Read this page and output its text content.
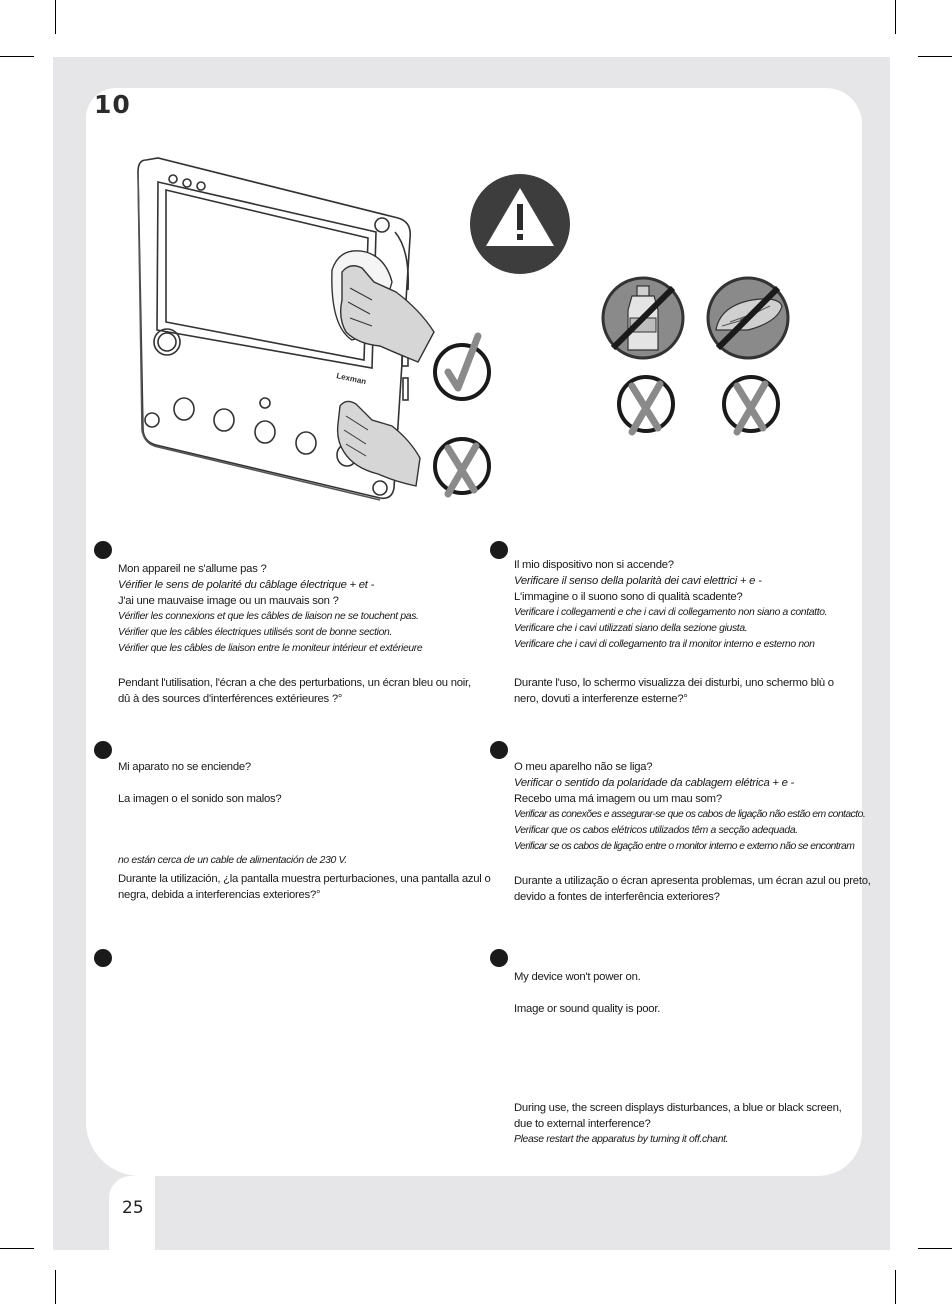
10
25
Lexman

Mon appareil ne s'allume pas ?

Vérifier le sens de polarité du câblage électrique + et -

J'ai une mauvaise image ou un mauvais son ?

Vérifier les connexions et que les câbles de liaison ne se touchent pas.

Vérifier que les câbles électriques utilisés sont de bonne section.

Vérifier que les câbles de liaison entre le moniteur intérieur et extérieure

Pendant l'utilisation, l'écran a che des perturbations, un écran bleu ou noir,

dû à des sources d'interférences extérieures ?°

Il mio dispositivo non si accende?

Verificare il senso della polarità dei cavi elettrici + e -

L'immagine o il suono sono di qualità scadente?

Verificare i collegamenti e che i cavi di collegamento non siano a contatto.

Verificare che i cavi utilizzati siano della sezione giusta.

Verificare che i cavi di collegamento tra il monitor interno e esterno non

Durante l'uso, lo schermo visualizza dei disturbi, uno schermo blù o

nero, dovuti a interferenze esterne?°

Mi aparato no se enciende?

La imagen o el sonido son malos?

no están cerca de un cable de alimentación de 230 V.

Durante la utilización, ¿la pantalla muestra perturbaciones, una pantalla azul o

negra, debida a interferencias exteriores?°

O meu aparelho não se liga?

Verificar o sentido da polaridade da cablagem elétrica + e -

Recebo uma má imagem ou um mau som?

Verificar as conexões e assegurar-se que os cabos de ligação não estão em contacto.

Verificar que os cabos elétricos utilizados têm a secção adequada.

Verificar se os cabos de ligação entre o monitor interno e externo não se encontram

Durante a utilização o écran apresenta problemas, um écran azul ou preto,

devido a fontes de interferência exteriores?

My device won't power on.

Image or sound quality is poor.

During use, the screen displays disturbances, a blue or black screen,

due to external interference?

Please restart the apparatus by turning it off.chant.
